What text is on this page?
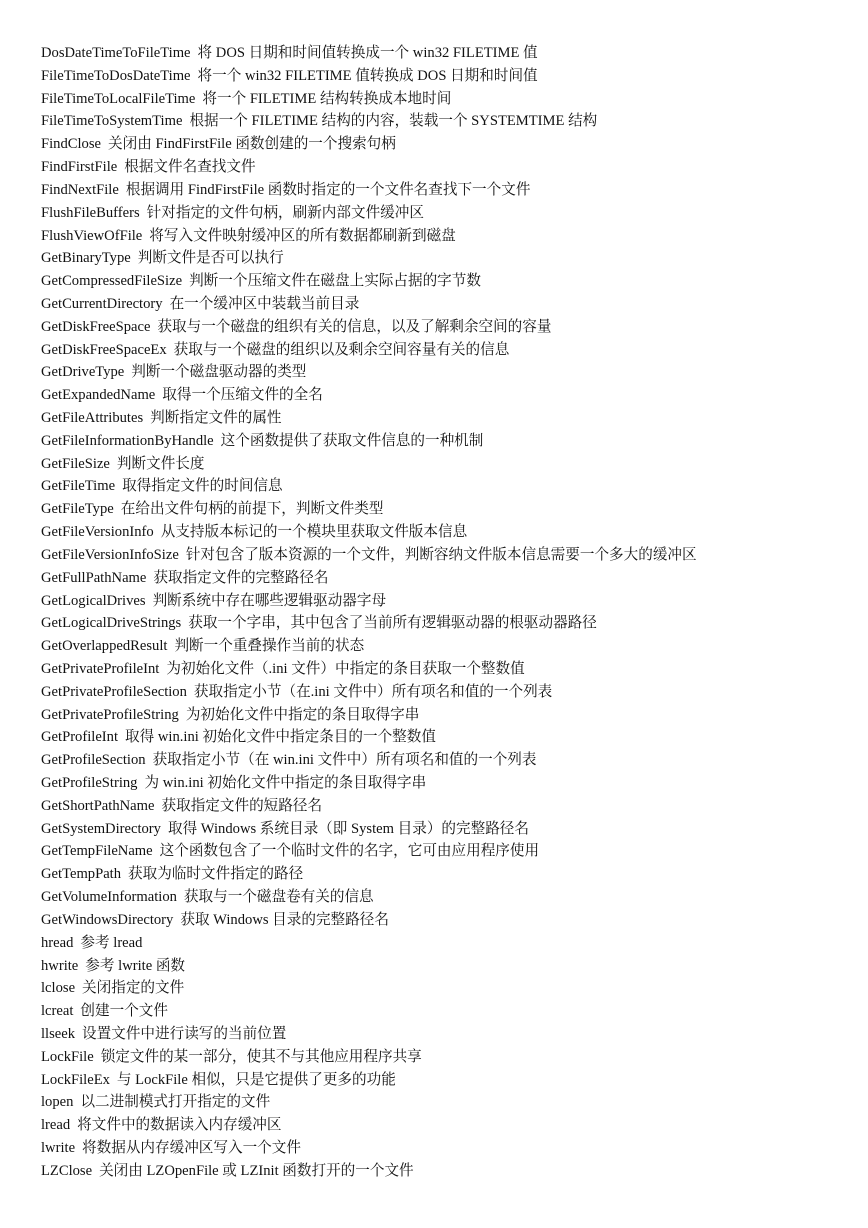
DosDateTimeToFileTime 将 DOS 日期和时间值转换成一个 win32 FILETIME 值
FileTimeToDosDateTime 将一个 win32 FILETIME 值转换成 DOS 日期和时间值
FileTimeToLocalFileTime 将一个 FILETIME 结构转换成本地时间
FileTimeToSystemTime 根据一个 FILETIME 结构的内容，装载一个 SYSTEMTIME 结构
FindClose 关闭由 FindFirstFile 函数创建的一个搜索句柄
FindFirstFile 根据文件名查找文件
FindNextFile 根据调用 FindFirstFile 函数时指定的一个文件名查找下一个文件
FlushFileBuffers 针对指定的文件句柄，刷新内部文件缓冲区
FlushViewOfFile 将写入文件映射缓冲区的所有数据都刷新到磁盘
GetBinaryType 判断文件是否可以执行
GetCompressedFileSize 判断一个压缩文件在磁盘上实际占据的字节数
GetCurrentDirectory 在一个缓冲区中装载当前目录
GetDiskFreeSpace 获取与一个磁盘的组织有关的信息，以及了解剩余空间的容量
GetDiskFreeSpaceEx 获取与一个磁盘的组织以及剩余空间容量有关的信息
GetDriveType 判断一个磁盘驱动器的类型
GetExpandedName 取得一个压缩文件的全名
GetFileAttributes 判断指定文件的属性
GetFileInformationByHandle 这个函数提供了获取文件信息的一种机制
GetFileSize 判断文件长度
GetFileTime 取得指定文件的时间信息
GetFileType 在给出文件句柄的前提下，判断文件类型
GetFileVersionInfo 从支持版本标记的一个模块里获取文件版本信息
GetFileVersionInfoSize 针对包含了版本资源的一个文件，判断容纳文件版本信息需要一个多大的缓冲区
GetFullPathName 获取指定文件的完整路径名
GetLogicalDrives 判断系统中存在哪些逻辑驱动器字母
GetLogicalDriveStrings 获取一个字串，其中包含了当前所有逻辑驱动器的根驱动器路径
GetOverlappedResult 判断一个重叠操作当前的状态
GetPrivateProfileInt 为初始化文件（.ini 文件）中指定的条目获取一个整数值
GetPrivateProfileSection 获取指定小节（在.ini 文件中）所有项名和值的一个列表
GetPrivateProfileString 为初始化文件中指定的条目取得字串
GetProfileInt 取得 win.ini 初始化文件中指定条目的一个整数值
GetProfileSection 获取指定小节（在 win.ini 文件中）所有项名和值的一个列表
GetProfileString 为 win.ini 初始化文件中指定的条目取得字串
GetShortPathName 获取指定文件的短路径名
GetSystemDirectory 取得 Windows 系统目录（即 System 目录）的完整路径名
GetTempFileName 这个函数包含了一个临时文件的名字，它可由应用程序使用
GetTempPath 获取为临时文件指定的路径
GetVolumeInformation 获取与一个磁盘卷有关的信息
GetWindowsDirectory 获取 Windows 目录的完整路径名
hread 参考 lread
hwrite 参考 lwrite 函数
lclose 关闭指定的文件
lcreat 创建一个文件
llseek 设置文件中进行读写的当前位置
LockFile 锁定文件的某一部分，使其不与其他应用程序共享
LockFileEx 与 LockFile 相似，只是它提供了更多的功能
lopen 以二进制模式打开指定的文件
lread 将文件中的数据读入内存缓冲区
lwrite 将数据从内存缓冲区写入一个文件
LZClose 关闭由 LZOpenFile 或 LZInit 函数打开的一个文件
